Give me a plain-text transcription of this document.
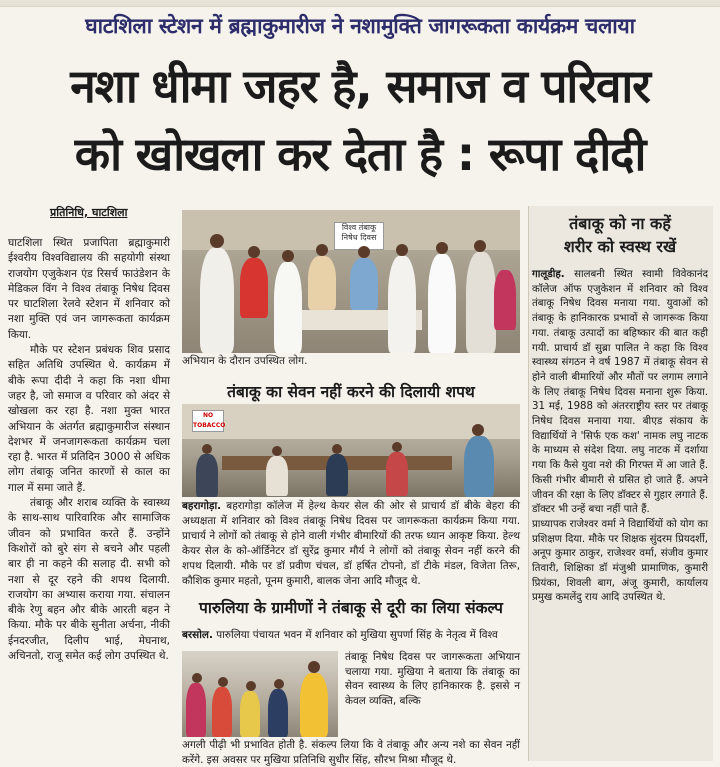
घाटशिला स्टेशन में ब्रह्माकुमारीज ने नशामुक्ति जागरूकता कार्यक्रम चलाया
नशा धीमा जहर है, समाज व परिवार
को खोखला कर देता है : रूपा दीदी
प्रतिनिधि, घाटशिला

घाटशिला स्थित प्रजापिता ब्रह्माकुमारी ईश्वरीय विश्वविद्यालय की सहयोगी संस्था राजयोग एजुकेशन एंड रिसर्च फाउंडेशन के मेडिकल विंग ने विश्व तंबाकू निषेध दिवस पर घाटशिला रेलवे स्टेशन में शनिवार को नशा मुक्ति एवं जन जागरूकता कार्यक्रम किया.

मौके पर स्टेशन प्रबंधक शिव प्रसाद सहित अतिथि उपस्थित थे. कार्यक्रम में बीके रूपा दीदी ने कहा कि नशा धीमा जहर है, जो समाज व परिवार को अंदर से खोखला कर रहा है. नशा मुक्त भारत अभियान के अंतर्गत ब्रह्माकुमारीज संस्थान देशभर में जनजागरूकता कार्यक्रम चला रहा है. भारत में प्रतिदिन 3000 से अधिक लोग तंबाकू जनित कारणों से काल का गाल में समा जाते हैं.

तंबाकू और शराब व्यक्ति के स्वास्थ्य के साथ-साथ पारिवारिक और सामाजिक जीवन को प्रभावित करते हैं. उन्होंने किशोरों को बुरे संग से बचने और पहली बार ही ना कहने की सलाह दी. सभी को नशा से दूर रहने की शपथ दिलायी. राजयोग का अभ्यास कराया गया. संचालन बीके रेणु बहन और बीके आरती बहन ने किया. मौके पर बीके सुनीता अर्चना, नीकी ईनदरजीत, दिलीप भाई, मेघनाथ, अचिनतो, राजू समेत कई लोग उपस्थित थे.

विश्व तंबाकू निषेध दिवस
अभियान के दौरान उपस्थित लोग.
तंबाकू का सेवन नहीं करने की दिलायी शपथ
NO TOBACCO

बहरागोड़ा. बहरागोड़ा कॉलेज में हेल्थ केयर सेल की ओर से प्राचार्य डॉ बीके बेहरा की अध्यक्षता में शनिवार को विश्व तंबाकू निषेध दिवस पर जागरूकता कार्यक्रम किया गया. प्राचार्य ने लोगों को तंबाकू से होने वाली गंभीर बीमारियों की तरफ ध्यान आकृष्ट किया. हेल्थ केयर सेल के को-ऑर्डिनेटर डॉ सुरेंद्र कुमार मौर्य ने लोगों को तंबाकू सेवन नहीं करने की शपथ दिलायी. मौके पर डॉ प्रवीण चंचल, डॉ हर्षित टोपनो, डॉ टीके मंडल, विजेता तिरू, कौशिक कुमार महतो, पूनम कुमारी, बालक जेना आदि मौजूद थे.

पारुलिया के ग्रामीणों ने तंबाकू से दूरी का लिया संकल्प

बरसोल. पारुलिया पंचायत भवन में शनिवार को मुखिया सुपर्णा सिंह के नेतृत्व में विश्व

तंबाकू निषेध दिवस पर जागरूकता अभियान चलाया गया. मुखिया ने बताया कि तंबाकू का सेवन स्वास्थ्य के लिए हानिकारक है. इससे न केवल व्यक्ति, बल्कि
अगली पीढ़ी भी प्रभावित होती है. संकल्प लिया कि वे तंबाकू और अन्य नशे का सेवन नहीं करेंगे. इस अवसर पर मुखिया प्रतिनिधि सुधीर सिंह, सौरभ मिश्रा मौजूद थे.
तंबाकू को ना कहें
शरीर को स्वस्थ रखें

गालूडीह. सालबनी स्थित स्वामी विवेकानंद कॉलेज ऑफ एजुकेशन में शनिवार को विश्व तंबाकू निषेध दिवस मनाया गया. युवाओं को तंबाकू के हानिकारक प्रभावों से जागरूक किया गया. तंबाकू उत्पादों का बहिष्कार की बात कही गयी. प्राचार्य डॉ सुब्रा पालित ने कहा कि विश्व स्वास्थ्य संगठन ने वर्ष 1987 में तंबाकू सेवन से होने वाली बीमारियों और मौतों पर लगाम लगाने के लिए तंबाकू निषेध दिवस मनाना शुरू किया. 31 मई, 1988 को अंतरराष्ट्रीय स्तर पर तंबाकू निषेध दिवस मनाया गया. बीएड संकाय के विद्यार्थियों ने 'सिर्फ एक कश' नामक लघु नाटक के माध्यम से संदेश दिया. लघु नाटक में दर्शाया गया कि कैसे युवा नशे की गिरफ्त में आ जाते हैं. किसी गंभीर बीमारी से ग्रसित हो जाते हैं. अपने जीवन की रक्षा के लिए डॉक्टर से गुहार लगाते हैं. डॉक्टर भी उन्हें बचा नहीं पाते हैं.

प्राध्यापक राजेश्वर वर्मा ने विद्यार्थियों को योग का प्रशिक्षण दिया. मौके पर शिक्षक सुंदरम प्रियदर्शी, अनूप कुमार ठाकुर, राजेश्वर वर्मा, संजीव कुमार तिवारी, शिक्षिका डॉ मंजुश्री प्रामाणिक, कुमारी प्रियंका, शिवली बाग, अंजू कुमारी, कार्यालय प्रमुख कमलेंदु राय आदि उपस्थित थे.
